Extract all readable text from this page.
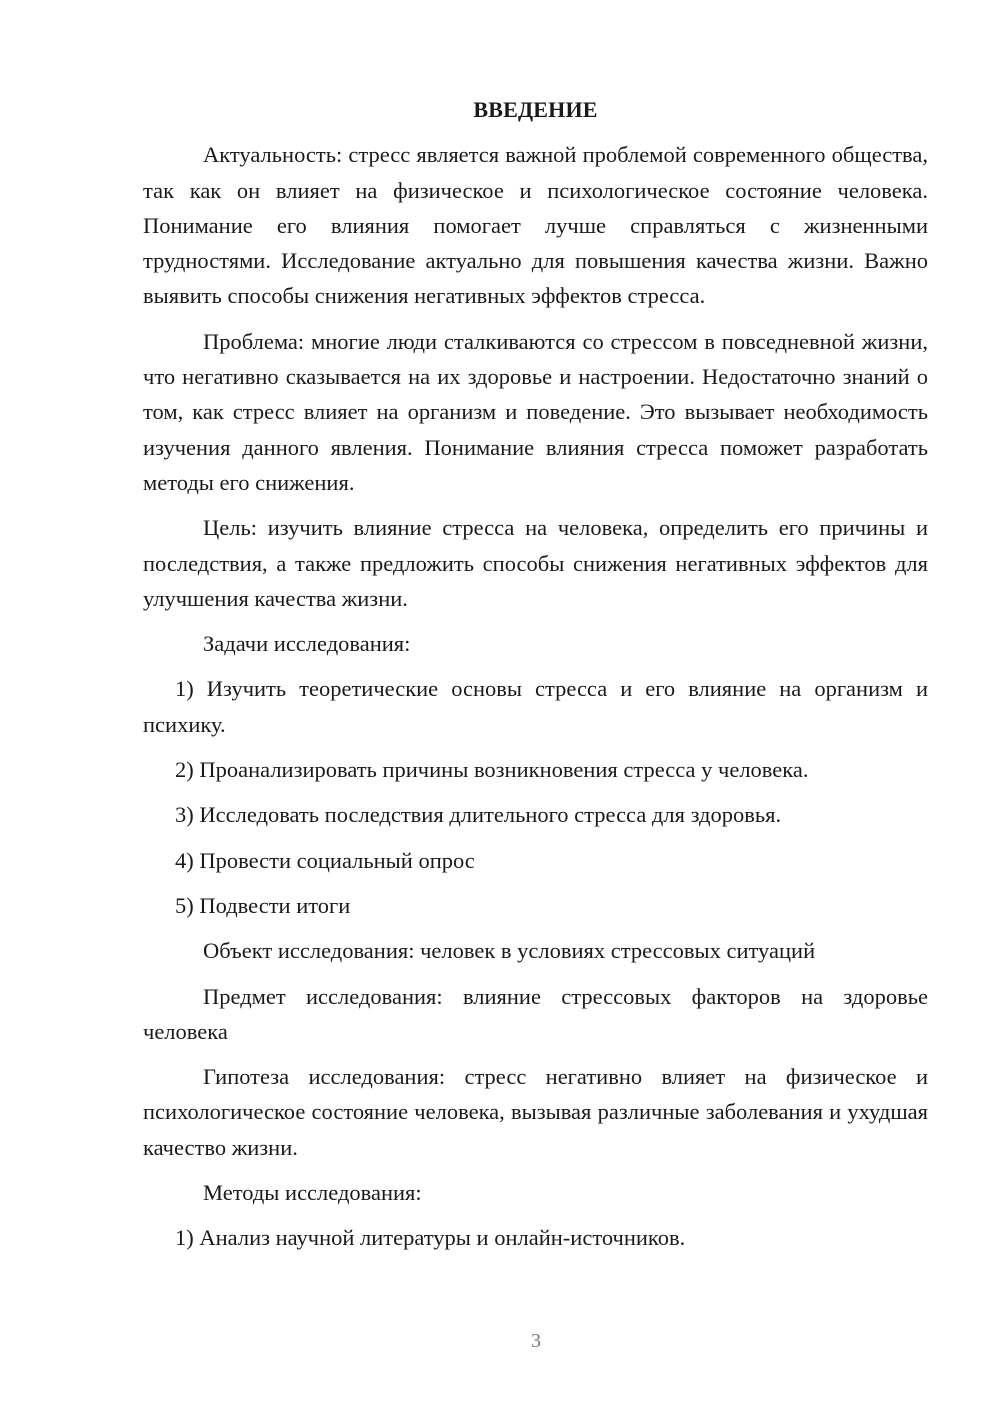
ВВЕДЕНИЕ

Актуальность: стресс является важной проблемой современного общества, так как он влияет на физическое и психологическое состояние человека. Понимание его влияния помогает лучше справляться с жизненными трудностями. Исследование актуально для повышения качества жизни. Важно выявить способы снижения негативных эффектов стресса.

Проблема: многие люди сталкиваются со стрессом в повседневной жизни, что негативно сказывается на их здоровье и настроении. Недостаточно знаний о том, как стресс влияет на организм и поведение. Это вызывает необходимость изучения данного явления. Понимание влияния стресса поможет разработать методы его снижения.

Цель: изучить влияние стресса на человека, определить его причины и последствия, а также предложить способы снижения негативных эффектов для улучшения качества жизни.

Задачи исследования:

1) Изучить теоретические основы стресса и его влияние на организм и психику.

2) Проанализировать причины возникновения стресса у человека.

3) Исследовать последствия длительного стресса для здоровья.

4) Провести социальный опрос

5) Подвести итоги

Объект исследования: человек в условиях стрессовых ситуаций

Предмет исследования: влияние стрессовых факторов на здоровье человека

Гипотеза исследования: стресс негативно влияет на физическое и психологическое состояние человека, вызывая различные заболевания и ухудшая качество жизни.

Методы исследования:

1) Анализ научной литературы и онлайн-источников.

3
